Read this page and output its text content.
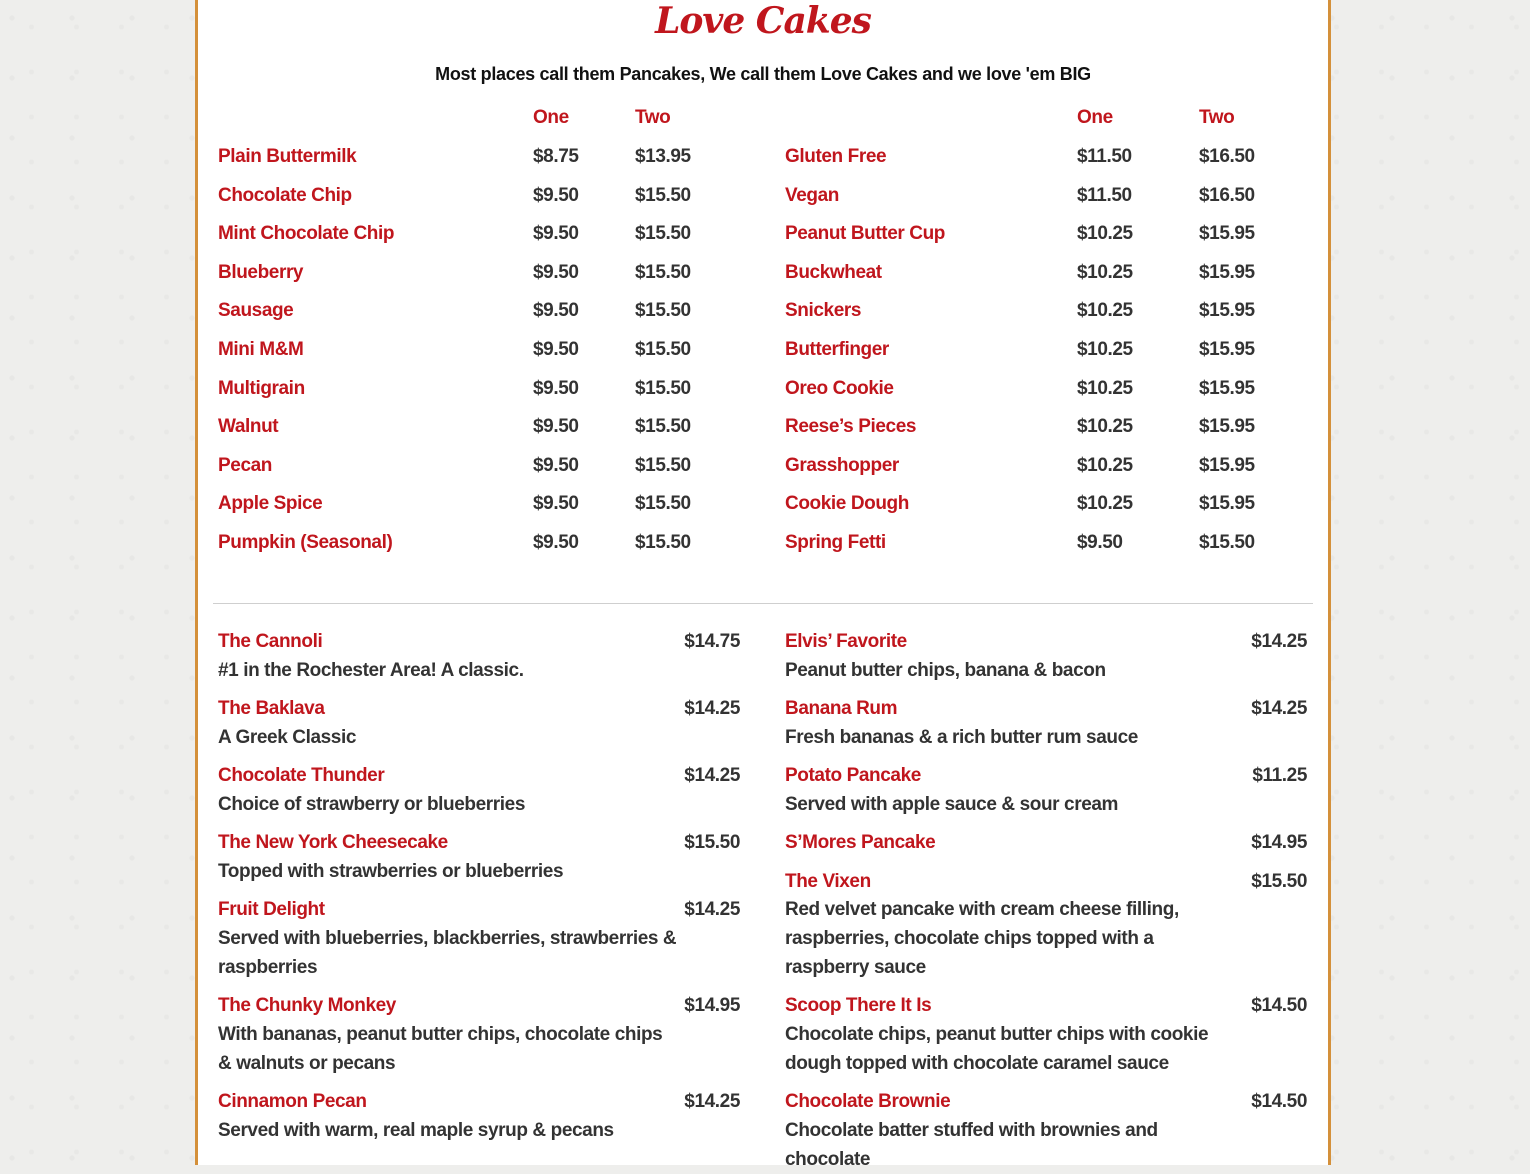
Love Cakes
Most places call them Pancakes, We call them Love Cakes and we love 'em BIG
One	Two	One	Two
Plain Buttermilk	$8.75	$13.95
Chocolate Chip	$9.50	$15.50
Mint Chocolate Chip	$9.50	$15.50
Blueberry	$9.50	$15.50
Sausage	$9.50	$15.50
Mini M&M	$9.50	$15.50
Multigrain	$9.50	$15.50
Walnut	$9.50	$15.50
Pecan	$9.50	$15.50
Apple Spice	$9.50	$15.50
Pumpkin (Seasonal)	$9.50	$15.50
Gluten Free	$11.50	$16.50
Vegan	$11.50	$16.50
Peanut Butter Cup	$10.25	$15.95
Buckwheat	$10.25	$15.95
Snickers	$10.25	$15.95
Butterfinger	$10.25	$15.95
Oreo Cookie	$10.25	$15.95
Reese’s Pieces	$10.25	$15.95
Grasshopper	$10.25	$15.95
Cookie Dough	$10.25	$15.95
Spring Fetti	$9.50	$15.50
The Cannoli	$14.75
#1 in the Rochester Area! A classic.
The Baklava	$14.25
A Greek Classic
Chocolate Thunder	$14.25
Choice of strawberry or blueberries
The New York Cheesecake	$15.50
Topped with strawberries or blueberries
Fruit Delight	$14.25
Served with blueberries, blackberries, strawberries & raspberries
The Chunky Monkey	$14.95
With bananas, peanut butter chips, chocolate chips & walnuts or pecans
Cinnamon Pecan	$14.25
Served with warm, real maple syrup & pecans
Elvis’ Favorite	$14.25
Peanut butter chips, banana & bacon
Banana Rum	$14.25
Fresh bananas & a rich butter rum sauce
Potato Pancake	$11.25
Served with apple sauce & sour cream
S’Mores Pancake	$14.95
The Vixen	$15.50
Red velvet pancake with cream cheese filling, raspberries, chocolate chips topped with a raspberry sauce
Scoop There It Is	$14.50
Chocolate chips, peanut butter chips with cookie dough topped with chocolate caramel sauce
Chocolate Brownie	$14.50
Chocolate batter stuffed with brownies and chocolate
